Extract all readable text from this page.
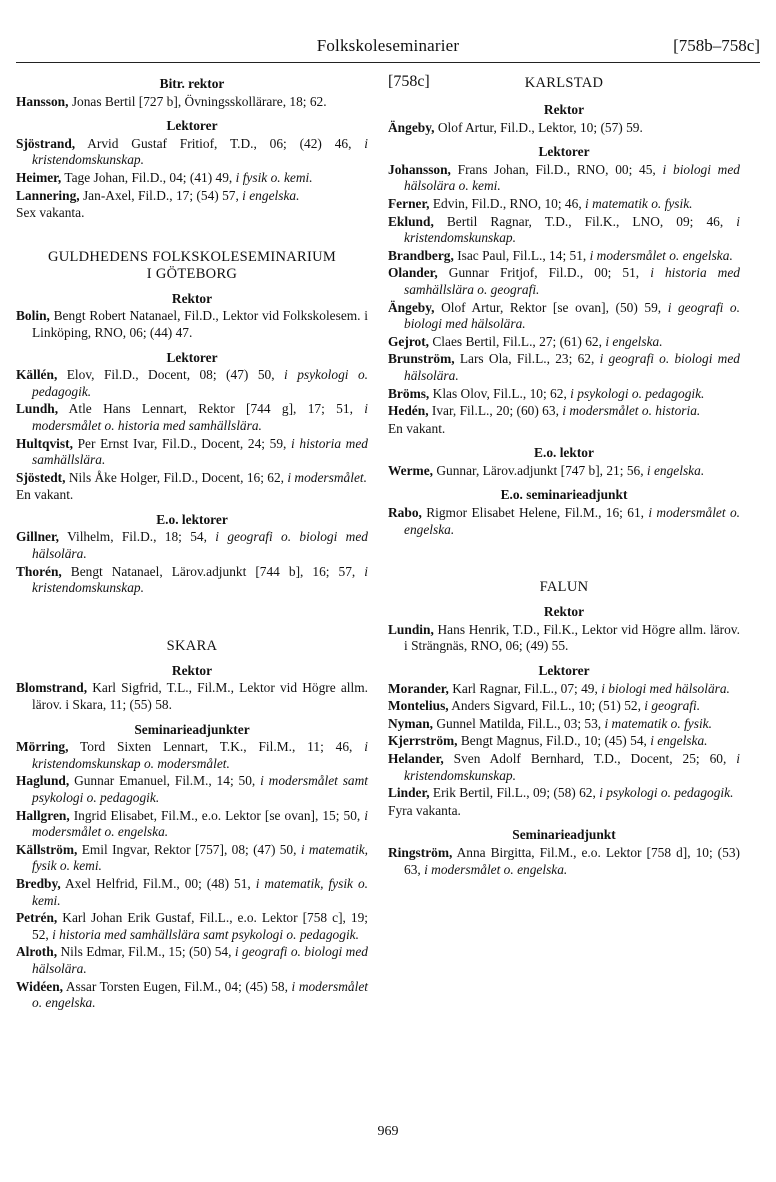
Folkskoleseminarier	[758b–758c]
Bitr. rektor
Hansson, Jonas Bertil [727 b], Övningsskollärare, 18; 62.
Lektorer
Sjöstrand, Arvid Gustaf Fritiof, T.D., 06; (42) 46, i kristendomskunskap.
Heimer, Tage Johan, Fil.D., 04; (41) 49, i fysik o. kemi.
Lannering, Jan-Axel, Fil.D., 17; (54) 57, i engelska.
Sex vakanta.
GULDHEDENS FOLKSKOLESEMINARIUM
I GÖTEBORG
Rektor
Bolin, Bengt Robert Natanael, Fil.D., Lektor vid Folkskolesem. i Linköping, RNO, 06; (44) 47.
Lektorer
Källén, Elov, Fil.D., Docent, 08; (47) 50, i psykologi o. pedagogik.
Lundh, Atle Hans Lennart, Rektor [744 g], 17; 51, i modersmålet o. historia med samhällslära.
Hultqvist, Per Ernst Ivar, Fil.D., Docent, 24; 59, i historia med samhällslära.
Sjöstedt, Nils Åke Holger, Fil.D., Docent, 16; 62, i modersmålet.
En vakant.
E.o. lektorer
Gillner, Vilhelm, Fil.D., 18; 54, i geografi o. biologi med hälsolära.
Thorén, Bengt Natanael, Lärov.adjunkt [744 b], 16; 57, i kristendomskunskap.
SKARA
Rektor
Blomstrand, Karl Sigfrid, T.L., Fil.M., Lektor vid Högre allm. lärov. i Skara, 11; (55) 58.
Seminarieadjunkter
Mörring, Tord Sixten Lennart, T.K., Fil.M., 11; 46, i kristendomskunskap o. modersmålet.
Haglund, Gunnar Emanuel, Fil.M., 14; 50, i modersmålet samt psykologi o. pedagogik.
Hallgren, Ingrid Elisabet, Fil.M., e.o. Lektor [se ovan], 15; 50, i modersmålet o. engelska.
Källström, Emil Ingvar, Rektor [757], 08; (47) 50, i matematik, fysik o. kemi.
Bredby, Axel Helfrid, Fil.M., 00; (48) 51, i matematik, fysik o. kemi.
Petrén, Karl Johan Erik Gustaf, Fil.L., e.o. Lektor [758 c], 19; 52, i historia med samhällslära samt psykologi o. pedagogik.
Alroth, Nils Edmar, Fil.M., 15; (50) 54, i geografi o. biologi med hälsolära.
Widéen, Assar Torsten Eugen, Fil.M., 04; (45) 58, i modersmålet o. engelska.
[758c]	KARLSTAD
Rektor
Ängeby, Olof Artur, Fil.D., Lektor, 10; (57) 59.
Lektorer
Johansson, Frans Johan, Fil.D., RNO, 00; 45, i biologi med hälsolära o. kemi.
Ferner, Edvin, Fil.D., RNO, 10; 46, i matematik o. fysik.
Eklund, Bertil Ragnar, T.D., Fil.K., LNO, 09; 46, i kristendomskunskap.
Brandberg, Isac Paul, Fil.L., 14; 51, i modersmålet o. engelska.
Olander, Gunnar Fritjof, Fil.D., 00; 51, i historia med samhällslära o. geografi.
Ängeby, Olof Artur, Rektor [se ovan], (50) 59, i geografi o. biologi med hälsolära.
Gejrot, Claes Bertil, Fil.L., 27; (61) 62, i engelska.
Brunström, Lars Ola, Fil.L., 23; 62, i geografi o. biologi med hälsolära.
Bröms, Klas Olov, Fil.L., 10; 62, i psykologi o. pedagogik.
Hedén, Ivar, Fil.L., 20; (60) 63, i modersmålet o. historia.
En vakant.
E.o. lektor
Werme, Gunnar, Lärov.adjunkt [747 b], 21; 56, i engelska.
E.o. seminarieadjunkt
Rabo, Rigmor Elisabet Helene, Fil.M., 16; 61, i modersmålet o. engelska.
FALUN
Rektor
Lundin, Hans Henrik, T.D., Fil.K., Lektor vid Högre allm. lärov. i Strängnäs, RNO, 06; (49) 55.
Lektorer
Morander, Karl Ragnar, Fil.L., 07; 49, i biologi med hälsolära.
Montelius, Anders Sigvard, Fil.L., 10; (51) 52, i geografi.
Nyman, Gunnel Matilda, Fil.L., 03; 53, i matematik o. fysik.
Kjerrström, Bengt Magnus, Fil.D., 10; (45) 54, i engelska.
Helander, Sven Adolf Bernhard, T.D., Docent, 25; 60, i kristendomskunskap.
Linder, Erik Bertil, Fil.L., 09; (58) 62, i psykologi o. pedagogik.
Fyra vakanta.
Seminarieadjunkt
Ringström, Anna Birgitta, Fil.M., e.o. Lektor [758 d], 10; (53) 63, i modersmålet o. engelska.
969
